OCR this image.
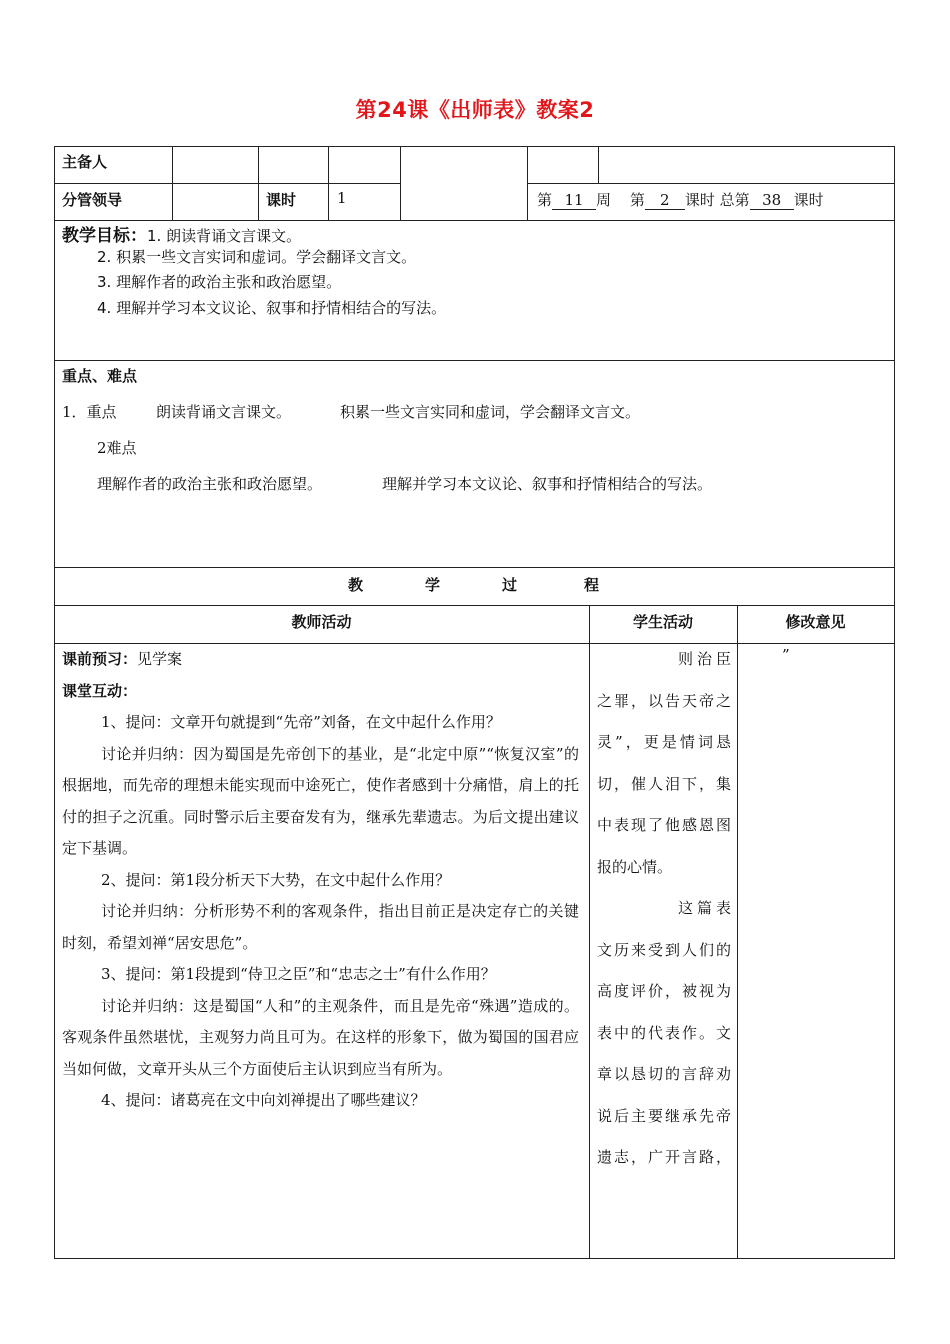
第24课《出师表》教案2
主备人
分管领导	课时	1	第 11 周 第 2 课时 总第 38 课时
教学目标：1. 朗读背诵文言课文。
2. 积累一些文言实词和虚词。学会翻译文言文。
3. 理解作者的政治主张和政治愿望。
4. 理解并学习本文议论、叙事和抒情相结合的写法。
重点、难点
1．重点	朗读背诵文言课文。	积累一些文言实同和虚词，学会翻译文言文。
2难点
理解作者的政治主张和政治愿望。	理解并学习本文议论、叙事和抒情相结合的写法。
教	学	过	程
教师活动	学生活动	修改意见

课前预习：见学案

课堂互动：

1、提问：文章开句就提到“先帝”刘备，在文中起什么作用？

讨论并归纳：因为蜀国是先帝创下的基业，是“北定中原”“恢复汉室”的根据地，而先帝的理想未能实现而中途死亡，使作者感到十分痛惜，肩上的托付的担子之沉重。同时警示后主要奋发有为，继承先辈遗志。为后文提出建议定下基调。

2、提问：第1段分析天下大势，在文中起什么作用？

讨论并归纳：分析形势不利的客观条件，指出目前正是决定存亡的关键时刻，希望刘禅“居安思危”。

3、提问：第1段提到“侍卫之臣”和“忠志之士”有什么作用？

讨论并归纳：这是蜀国“人和”的主观条件，而且是先帝“殊遇”造成的。客观条件虽然堪忧，主观努力尚且可为。在这样的形象下，做为蜀国的国君应当如何做，文章开头从三个方面使后主认识到应当有所为。

4、提问：诸葛亮在文中向刘禅提出了哪些建议？

则治臣之罪，以告天帝之灵”，更是情词恳切，催人泪下，集中表现了他感恩图报的心情。

这篇表文历来受到人们的高度评价，被视为表中的代表作。文章以恳切的言辞劝说后主要继承先帝遗志，广开言路，

”
